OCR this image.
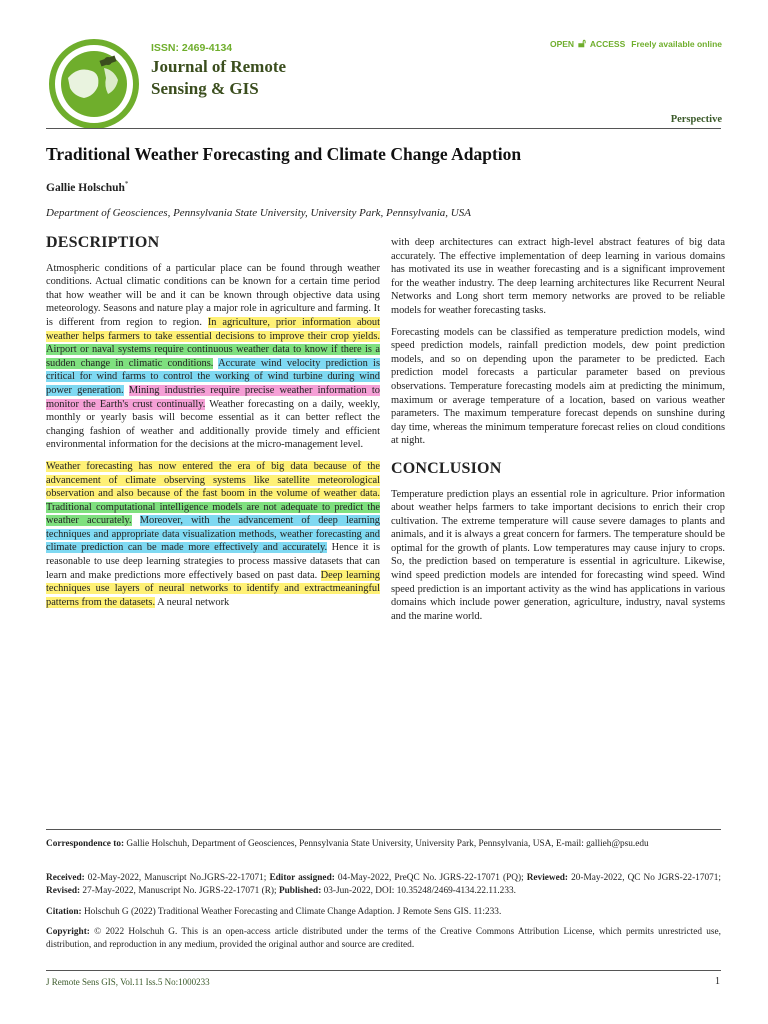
ISSN: 2469-4134
Journal of Remote Sensing & GIS
OPEN 🔓︎ ACCESS Freely available online
Perspective
Traditional Weather Forecasting and Climate Change Adaption
Gallie Holschuh*
Department of Geosciences, Pennsylvania State University, University Park, Pennsylvania, USA
DESCRIPTION

Atmospheric conditions of a particular place can be found through weather conditions. Actual climatic conditions can be known for a certain time period that how weather will be and it can be known through objective data using meteorology. Seasons and nature play a major role in agriculture and farming. It is different from region to region. In agriculture, prior information about weather helps farmers to take essential decisions to improve their crop yields. Airport or naval systems require continuous weather data to know if there is a sudden change in climatic conditions. Accurate wind velocity prediction is critical for wind farms to control the working of wind turbine during wind power generation. Mining industries require precise weather information to monitor the Earth's crust continually. Weather forecasting on a daily, weekly, monthly or yearly basis will become essential as it can better reflect the changing fashion of weather and additionally provide timely and efficient environmental information for the decisions at the micro-management level.

Weather forecasting has now entered the era of big data because of the advancement of climate observing systems like satellite meteorological observation and also because of the fast boom in the volume of weather data. Traditional computational intelligence models are not adequate to predict the weather accurately. Moreover, with the advancement of deep learning techniques and appropriate data visualization methods, weather forecasting and climate prediction can be made more effectively and accurately. Hence it is reasonable to use deep learning strategies to process massive datasets that can learn and make predictions more effectively based on past data. Deep learning techniques use layers of neural networks to identify and extractmeaningful patterns from the datasets. A neural network

with deep architectures can extract high-level abstract features of big data accurately. The effective implementation of deep learning in various domains has motivated its use in weather forecasting and is a significant improvement for the weather industry. The deep learning architectures like Recurrent Neural Networks and Long short term memory networks are proved to be reliable models for weather forecasting tasks.

Forecasting models can be classified as temperature prediction models, wind speed prediction models, rainfall prediction models, dew point prediction models, and so on depending upon the parameter to be predicted. Each prediction model forecasts a particular parameter based on previous observations. Temperature forecasting models aim at predicting the minimum, maximum or average temperature of a location, based on various weather parameters. The maximum temperature forecast depends on sunshine during day time, whereas the minimum temperature forecast relies on cloud conditions at night.

CONCLUSION

Temperature prediction plays an essential role in agriculture. Prior information about weather helps farmers to take important decisions to enrich their crop cultivation. The extreme temperature will cause severe damages to plants and animals, and it is always a great concern for farmers. The temperature should be optimal for the growth of plants. Low temperatures may cause injury to crops. So, the prediction based on temperature is essential in agriculture. Likewise, wind speed prediction models are intended for forecasting wind speed. Wind speed prediction is an important activity as the wind has applications in various domains which include power generation, agriculture, industry, naval systems and the marine world.

Correspondence to: Gallie Holschuh, Department of Geosciences, Pennsylvania State University, University Park, Pennsylvania, USA, E-mail: gallieh@psu.edu
Received: 02-May-2022, Manuscript No.JGRS-22-17071; Editor assigned: 04-May-2022, PreQC No. JGRS-22-17071 (PQ); Reviewed: 20-May-2022, QC No JGRS-22-17071; Revised: 27-May-2022, Manuscript No. JGRS-22-17071 (R); Published: 03-Jun-2022, DOI: 10.35248/2469-4134.22.11.233.
Citation: Holschuh G (2022) Traditional Weather Forecasting and Climate Change Adaption. J Remote Sens GIS. 11:233.
Copyright: © 2022 Holschuh G. This is an open-access article distributed under the terms of the Creative Commons Attribution License, which permits unrestricted use, distribution, and reproduction in any medium, provided the original author and source are credited.
J Remote Sens GIS, Vol.11 Iss.5 No:1000233	1
